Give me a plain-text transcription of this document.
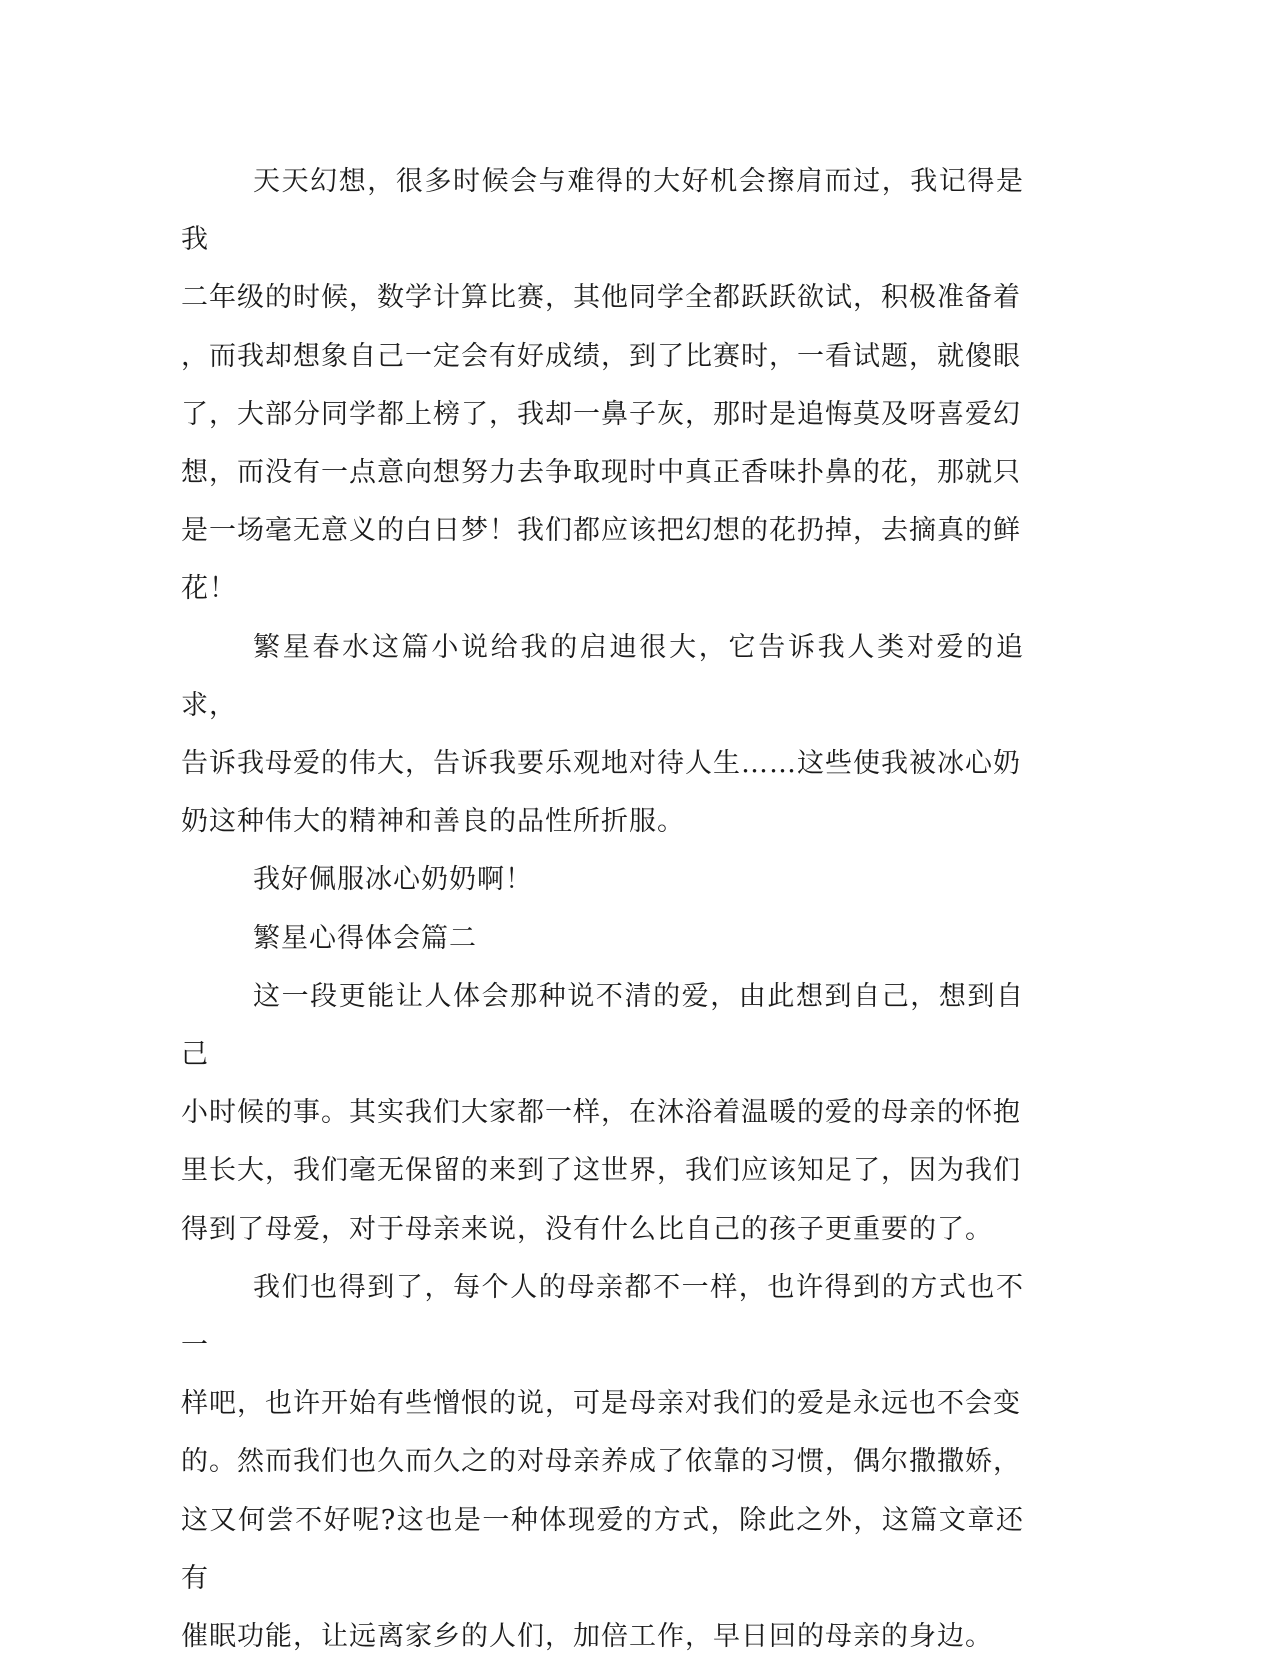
天天幻想，很多时候会与难得的大好机会擦肩而过，我记得是我
二年级的时候，数学计算比赛，其他同学全都跃跃欲试，积极准备着
，而我却想象自己一定会有好成绩，到了比赛时，一看试题，就傻眼
了，大部分同学都上榜了，我却一鼻子灰，那时是追悔莫及呀喜爱幻
想，而没有一点意向想努力去争取现时中真正香味扑鼻的花，那就只
是一场毫无意义的白日梦！我们都应该把幻想的花扔掉，去摘真的鲜
花！

繁星春水这篇小说给我的启迪很大，它告诉我人类对爱的追求，
告诉我母爱的伟大，告诉我要乐观地对待人生……这些使我被冰心奶
奶这种伟大的精神和善良的品性所折服。

我好佩服冰心奶奶啊！

繁星心得体会篇二

这一段更能让人体会那种说不清的爱，由此想到自己，想到自己
小时候的事。其实我们大家都一样，在沐浴着温暖的爱的母亲的怀抱
里长大，我们毫无保留的来到了这世界，我们应该知足了，因为我们
得到了母爱，对于母亲来说，没有什么比自己的孩子更重要的了。

我们也得到了，每个人的母亲都不一样，也许得到的方式也不一
样吧，也许开始有些憎恨的说，可是母亲对我们的爱是永远也不会变
的。然而我们也久而久之的对母亲养成了依靠的习惯，偶尔撒撒娇，
这又何尝不好呢?这也是一种体现爱的方式，除此之外，这篇文章还有
催眠功能，让远离家乡的人们，加倍工作，早日回的母亲的身边。
